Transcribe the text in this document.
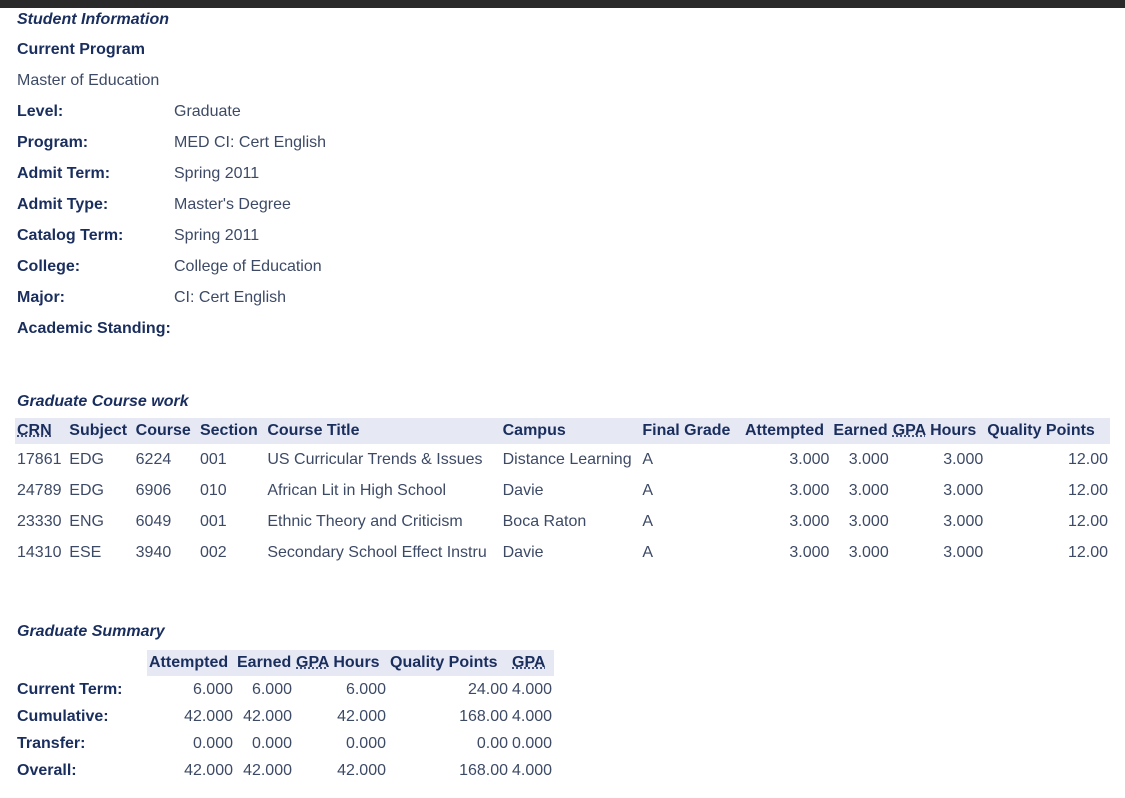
Student Information
Current Program
Master of Education
Level:	Graduate
Program:	MED CI: Cert English
Admit Term:	Spring 2011
Admit Type:	Master's Degree
Catalog Term:	Spring 2011
College:	College of Education
Major:	CI: Cert English
Academic Standing:
Graduate Course work
CRN	Subject	Course	Section	Course Title	Campus	Final Grade	Attempted	Earned	GPA Hours	Quality Points
17861	EDG	6224	001	US Curricular Trends & Issues	Distance Learning	A	3.000	3.000	3.000	12.00
24789	EDG	6906	010	African Lit in High School	Davie	A	3.000	3.000	3.000	12.00
23330	ENG	6049	001	Ethnic Theory and Criticism	Boca Raton	A	3.000	3.000	3.000	12.00
14310	ESE	3940	002	Secondary School Effect Instru	Davie	A	3.000	3.000	3.000	12.00
Graduate Summary
	Attempted	Earned	GPA Hours	Quality Points	GPA
Current Term:	6.000	6.000	6.000	24.00	4.000
Cumulative:	42.000	42.000	42.000	168.00	4.000
Transfer:	0.000	0.000	0.000	0.00	0.000
Overall:	42.000	42.000	42.000	168.00	4.000
